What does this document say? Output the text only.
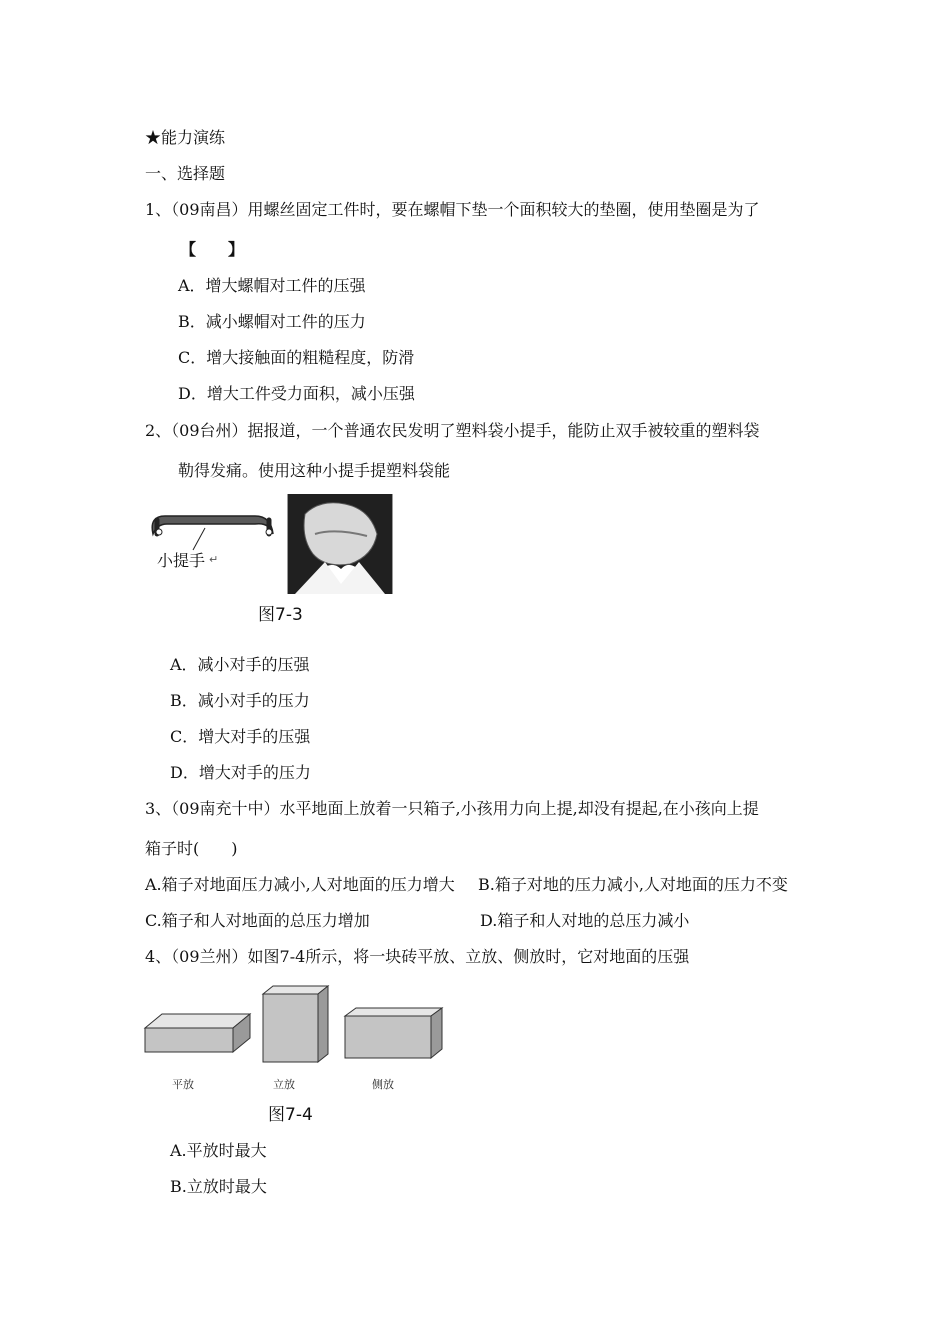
★能力演练
一、选择题
1、（09南昌）用螺丝固定工件时，要在螺帽下垫一个面积较大的垫圈，使用垫圈是为了
【　　】
A．增大螺帽对工件的压强
B．减小螺帽对工件的压力
C．增大接触面的粗糙程度，防滑
D．增大工件受力面积，减小压强
2、（09台州）据报道，一个普通农民发明了塑料袋小提手，能防止双手被较重的塑料袋
勒得发痛。使用这种小提手提塑料袋能
小提手 ↵
图7-3
A．减小对手的压强
B．减小对手的压力
C．增大对手的压强
D．增大对手的压力
3、（09南充十中）水平地面上放着一只箱子,小孩用力向上提,却没有提起,在小孩向上提
箱子时(　　)
A.箱子对地面压力减小,人对地面的压力增大 B.箱子对地的压力减小,人对地面的压力不变
C.箱子和人对地面的总压力增加	D.箱子和人对地的总压力减小
4、（09兰州）如图7-4所示，将一块砖平放、立放、侧放时，它对地面的压强
平放	立放	侧放
图7-4
A.平放时最大
B.立放时最大
